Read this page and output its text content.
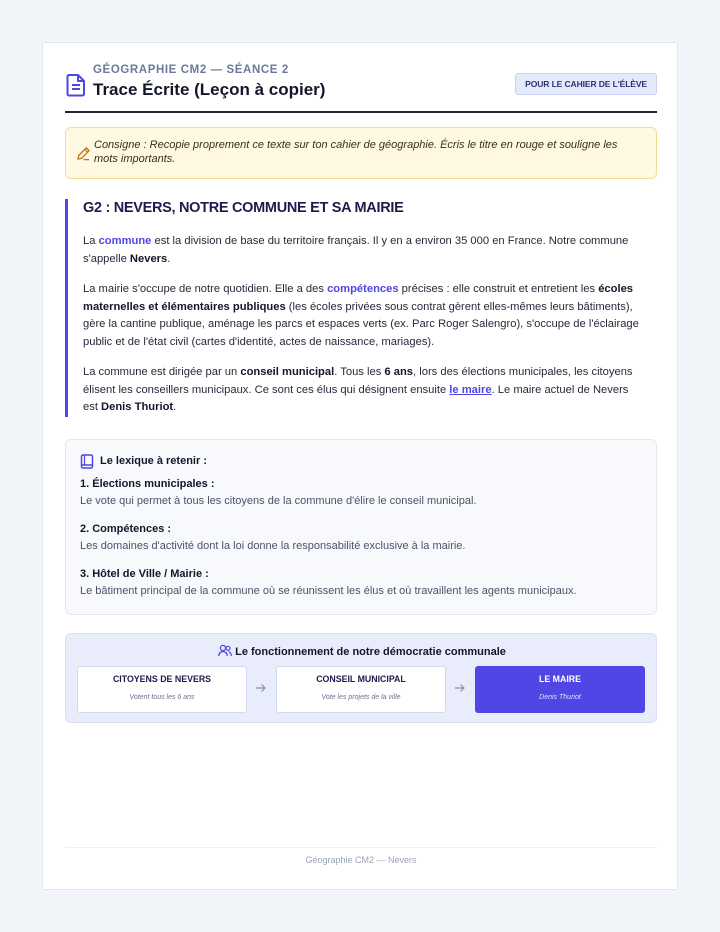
GÉOGRAPHIE CM2 — SÉANCE 2
Trace Écrite (Leçon à copier)	POUR LE CAHIER DE L'ÉLÈVE
Consigne : Recopie proprement ce texte sur ton cahier de géographie. Écris le titre en rouge et souligne les mots importants.
G2 : NEVERS, NOTRE COMMUNE ET SA MAIRIE

La commune est la division de base du territoire français. Il y en a environ 35 000 en France. Notre commune s'appelle Nevers.

La mairie s'occupe de notre quotidien. Elle a des compétences précises : elle construit et entretient les écoles maternelles et élémentaires publiques (les écoles privées sous contrat gèrent elles-mêmes leurs bâtiments), gère la cantine publique, aménage les parcs et espaces verts (ex. Parc Roger Salengro), s'occupe de l'éclairage public et de l'état civil (cartes d'identité, actes de naissance, mariages).

La commune est dirigée par un conseil municipal. Tous les 6 ans, lors des élections municipales, les citoyens élisent les conseillers municipaux. Ce sont ces élus qui désignent ensuite le maire. Le maire actuel de Nevers est Denis Thuriot.

Le lexique à retenir :
1. Élections municipales :
Le vote qui permet à tous les citoyens de la commune d'élire le conseil municipal.
2. Compétences :
Les domaines d'activité dont la loi donne la responsabilité exclusive à la mairie.
3. Hôtel de Ville / Mairie :
Le bâtiment principal de la commune où se réunissent les élus et où travaillent les agents municipaux.
Le fonctionnement de notre démocratie communale
CITOYENS DE NEVERS
Votent tous les 6 ans
CONSEIL MUNICIPAL
Vote les projets de la ville
LE MAIRE
Denis Thuriot
Géographie CM2 — Nevers
